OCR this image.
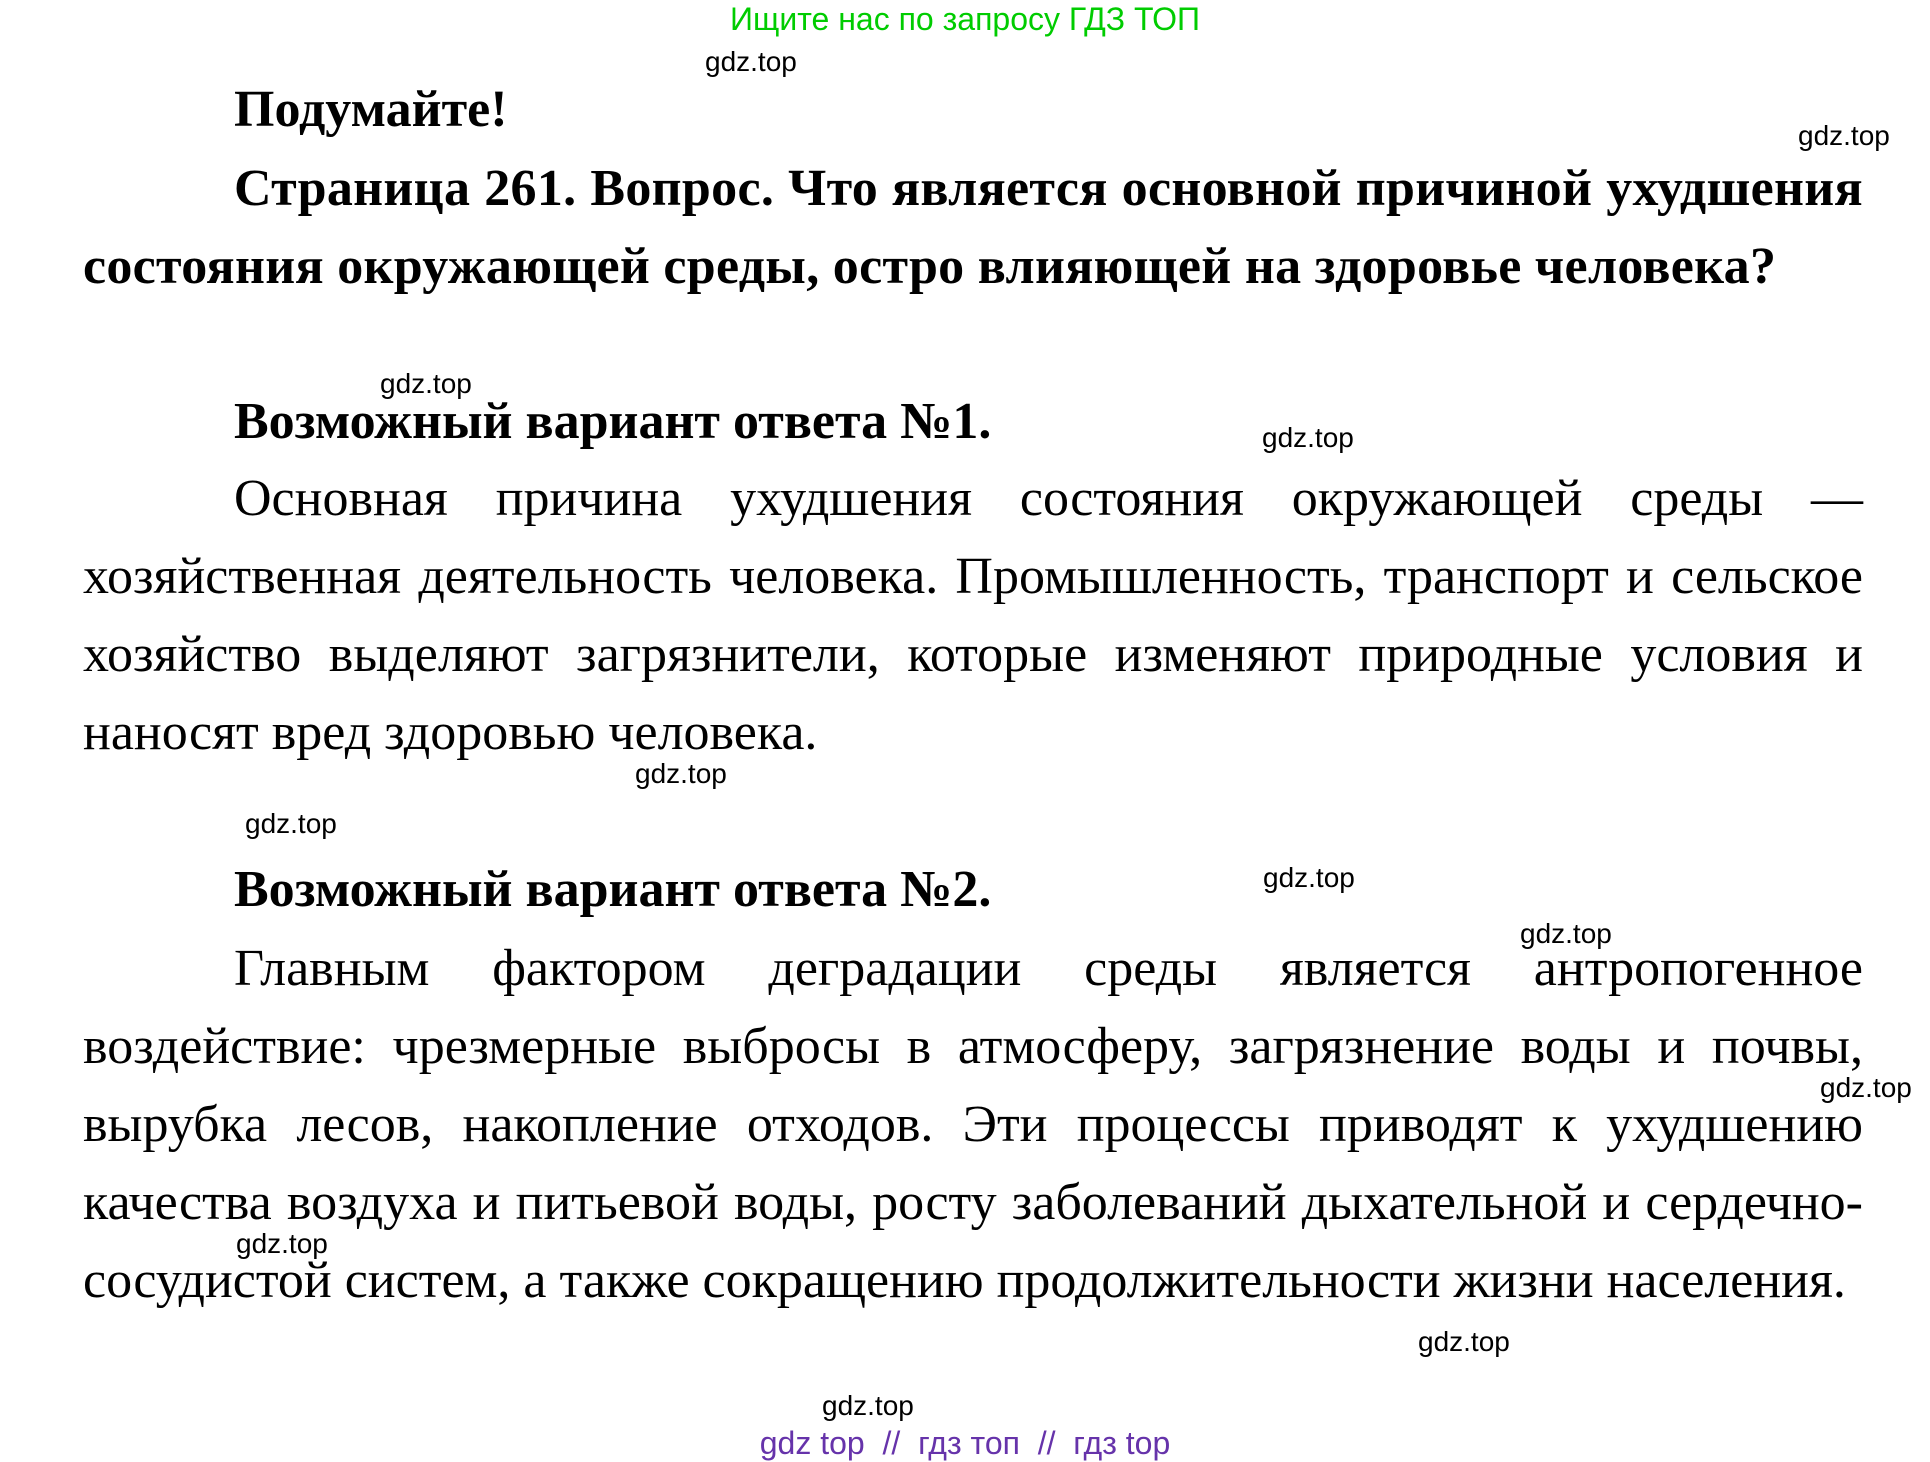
Ищите нас по запросу ГДЗ ТОП
Подумайте!
Страница 261. Вопрос. Что является основной причиной ухудшения состояния окружающей среды, остро влияющей на здоровье человека?
Возможный вариант ответа №1.
Основная причина ухудшения состояния окружающей среды — хозяйственная деятельность человека. Промышленность, транспорт и сельское хозяйство выделяют загрязнители, которые изменяют природные условия и наносят вред здоровью человека.
Возможный вариант ответа №2.
Главным фактором деградации среды является антропогенное воздействие: чрезмерные выбросы в атмосферу, загрязнение воды и почвы, вырубка лесов, накопление отходов. Эти процессы приводят к ухудшению качества воздуха и питьевой воды, росту заболеваний дыхательной и сердечно-сосудистой систем, а также сокращению продолжительности жизни населения.
gdz.top
gdz.top
gdz.top
gdz.top
gdz.top
gdz.top
gdz.top
gdz.top
gdz.top
gdz.top
gdz.top
gdz.top
gdz top  //  гдз топ  //  гдз top
